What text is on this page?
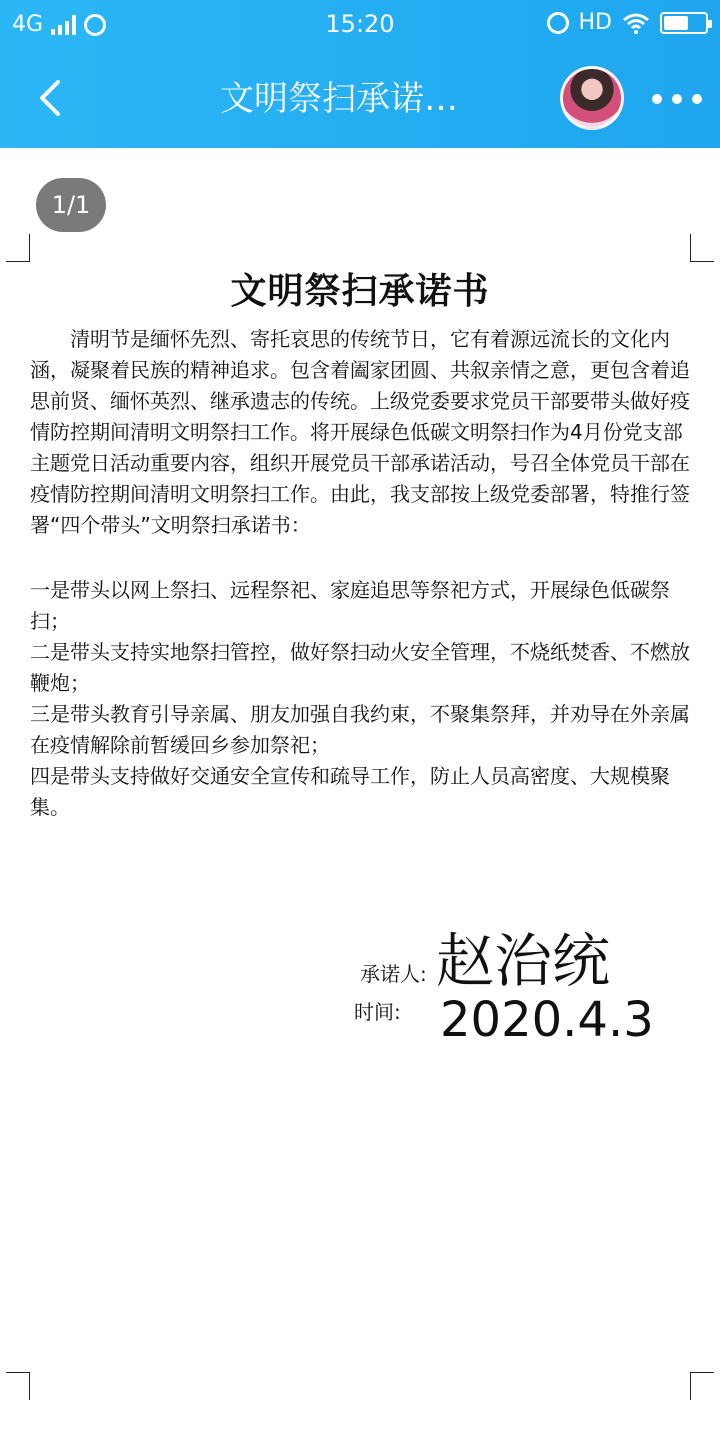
4G	15:20	HD
文明祭扫承诺…
1/1
文明祭扫承诺书

清明节是缅怀先烈、寄托哀思的传统节日，它有着源远流长的文化内涵，凝聚着民族的精神追求。包含着阖家团圆、共叙亲情之意，更包含着追思前贤、缅怀英烈、继承遗志的传统。上级党委要求党员干部要带头做好疫情防控期间清明文明祭扫工作。将开展绿色低碳文明祭扫作为4月份党支部主题党日活动重要内容，组织开展党员干部承诺活动，号召全体党员干部在疫情防控期间清明文明祭扫工作。由此，我支部按上级党委部署，特推行签署“四个带头”文明祭扫承诺书：

一是带头以网上祭扫、远程祭祀、家庭追思等祭祀方式，开展绿色低碳祭扫；

二是带头支持实地祭扫管控，做好祭扫动火安全管理，不烧纸焚香、不燃放鞭炮；

三是带头教育引导亲属、朋友加强自我约束，不聚集祭拜，并劝导在外亲属在疫情解除前暂缓回乡参加祭祀；

四是带头支持做好交通安全宣传和疏导工作，防止人员高密度、大规模聚集。

承诺人: 赵治统
时间: 2020.4.3
